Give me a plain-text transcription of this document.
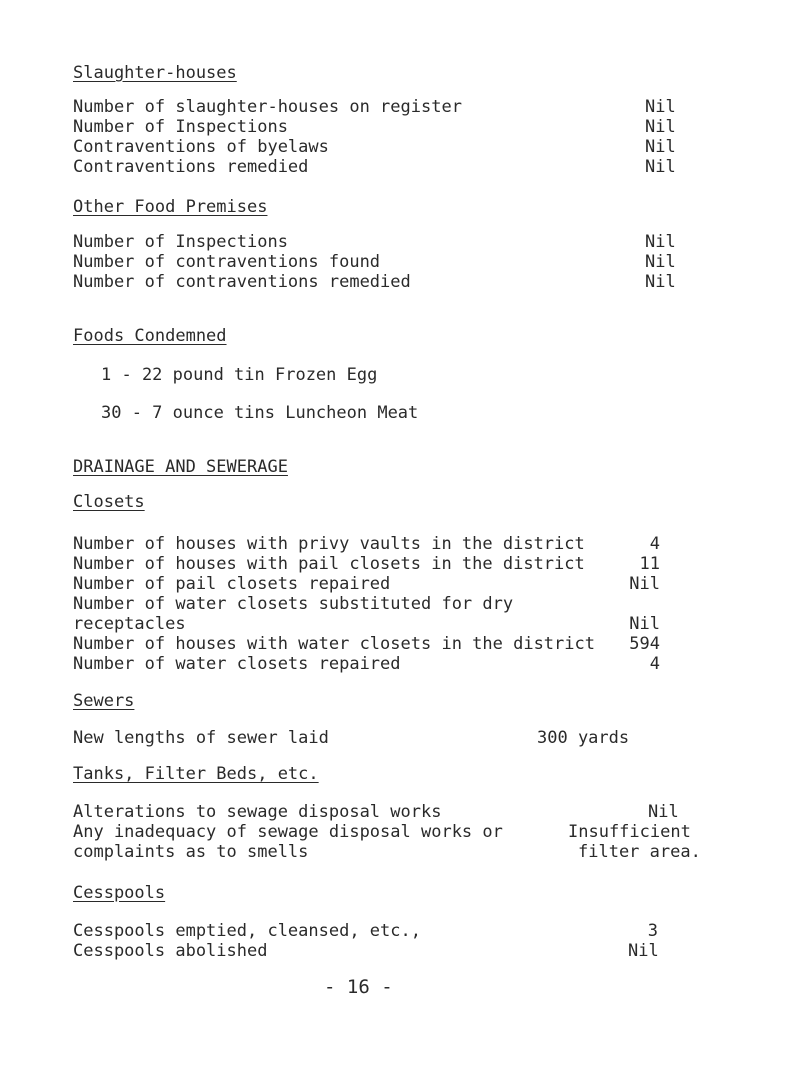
Slaughter-houses
Number of slaughter-houses on register	Nil
Number of Inspections	Nil
Contraventions of byelaws	Nil
Contraventions remedied	Nil
Other Food Premises
Number of Inspections	Nil
Number of contraventions found	Nil
Number of contraventions remedied	Nil
Foods Condemned
1 - 22 pound tin Frozen Egg
30 - 7 ounce tins Luncheon Meat
DRAINAGE AND SEWERAGE
Closets
Number of houses with privy vaults in the district	4
Number of houses with pail closets in the district	11
Number of pail closets repaired	Nil
Number of water closets substituted for dry
receptacles	Nil
Number of houses with water closets in the district 594
Number of water closets repaired	4
Sewers
New lengths of sewer laid	300 yards
Tanks, Filter Beds, etc.
Alterations to sewage disposal works	Nil
Any inadequacy of sewage disposal works or	Insufficient
complaints as to smells	filter area.
Cesspools
Cesspools emptied, cleansed, etc.,	3
Cesspools abolished	Nil
- 16 -
